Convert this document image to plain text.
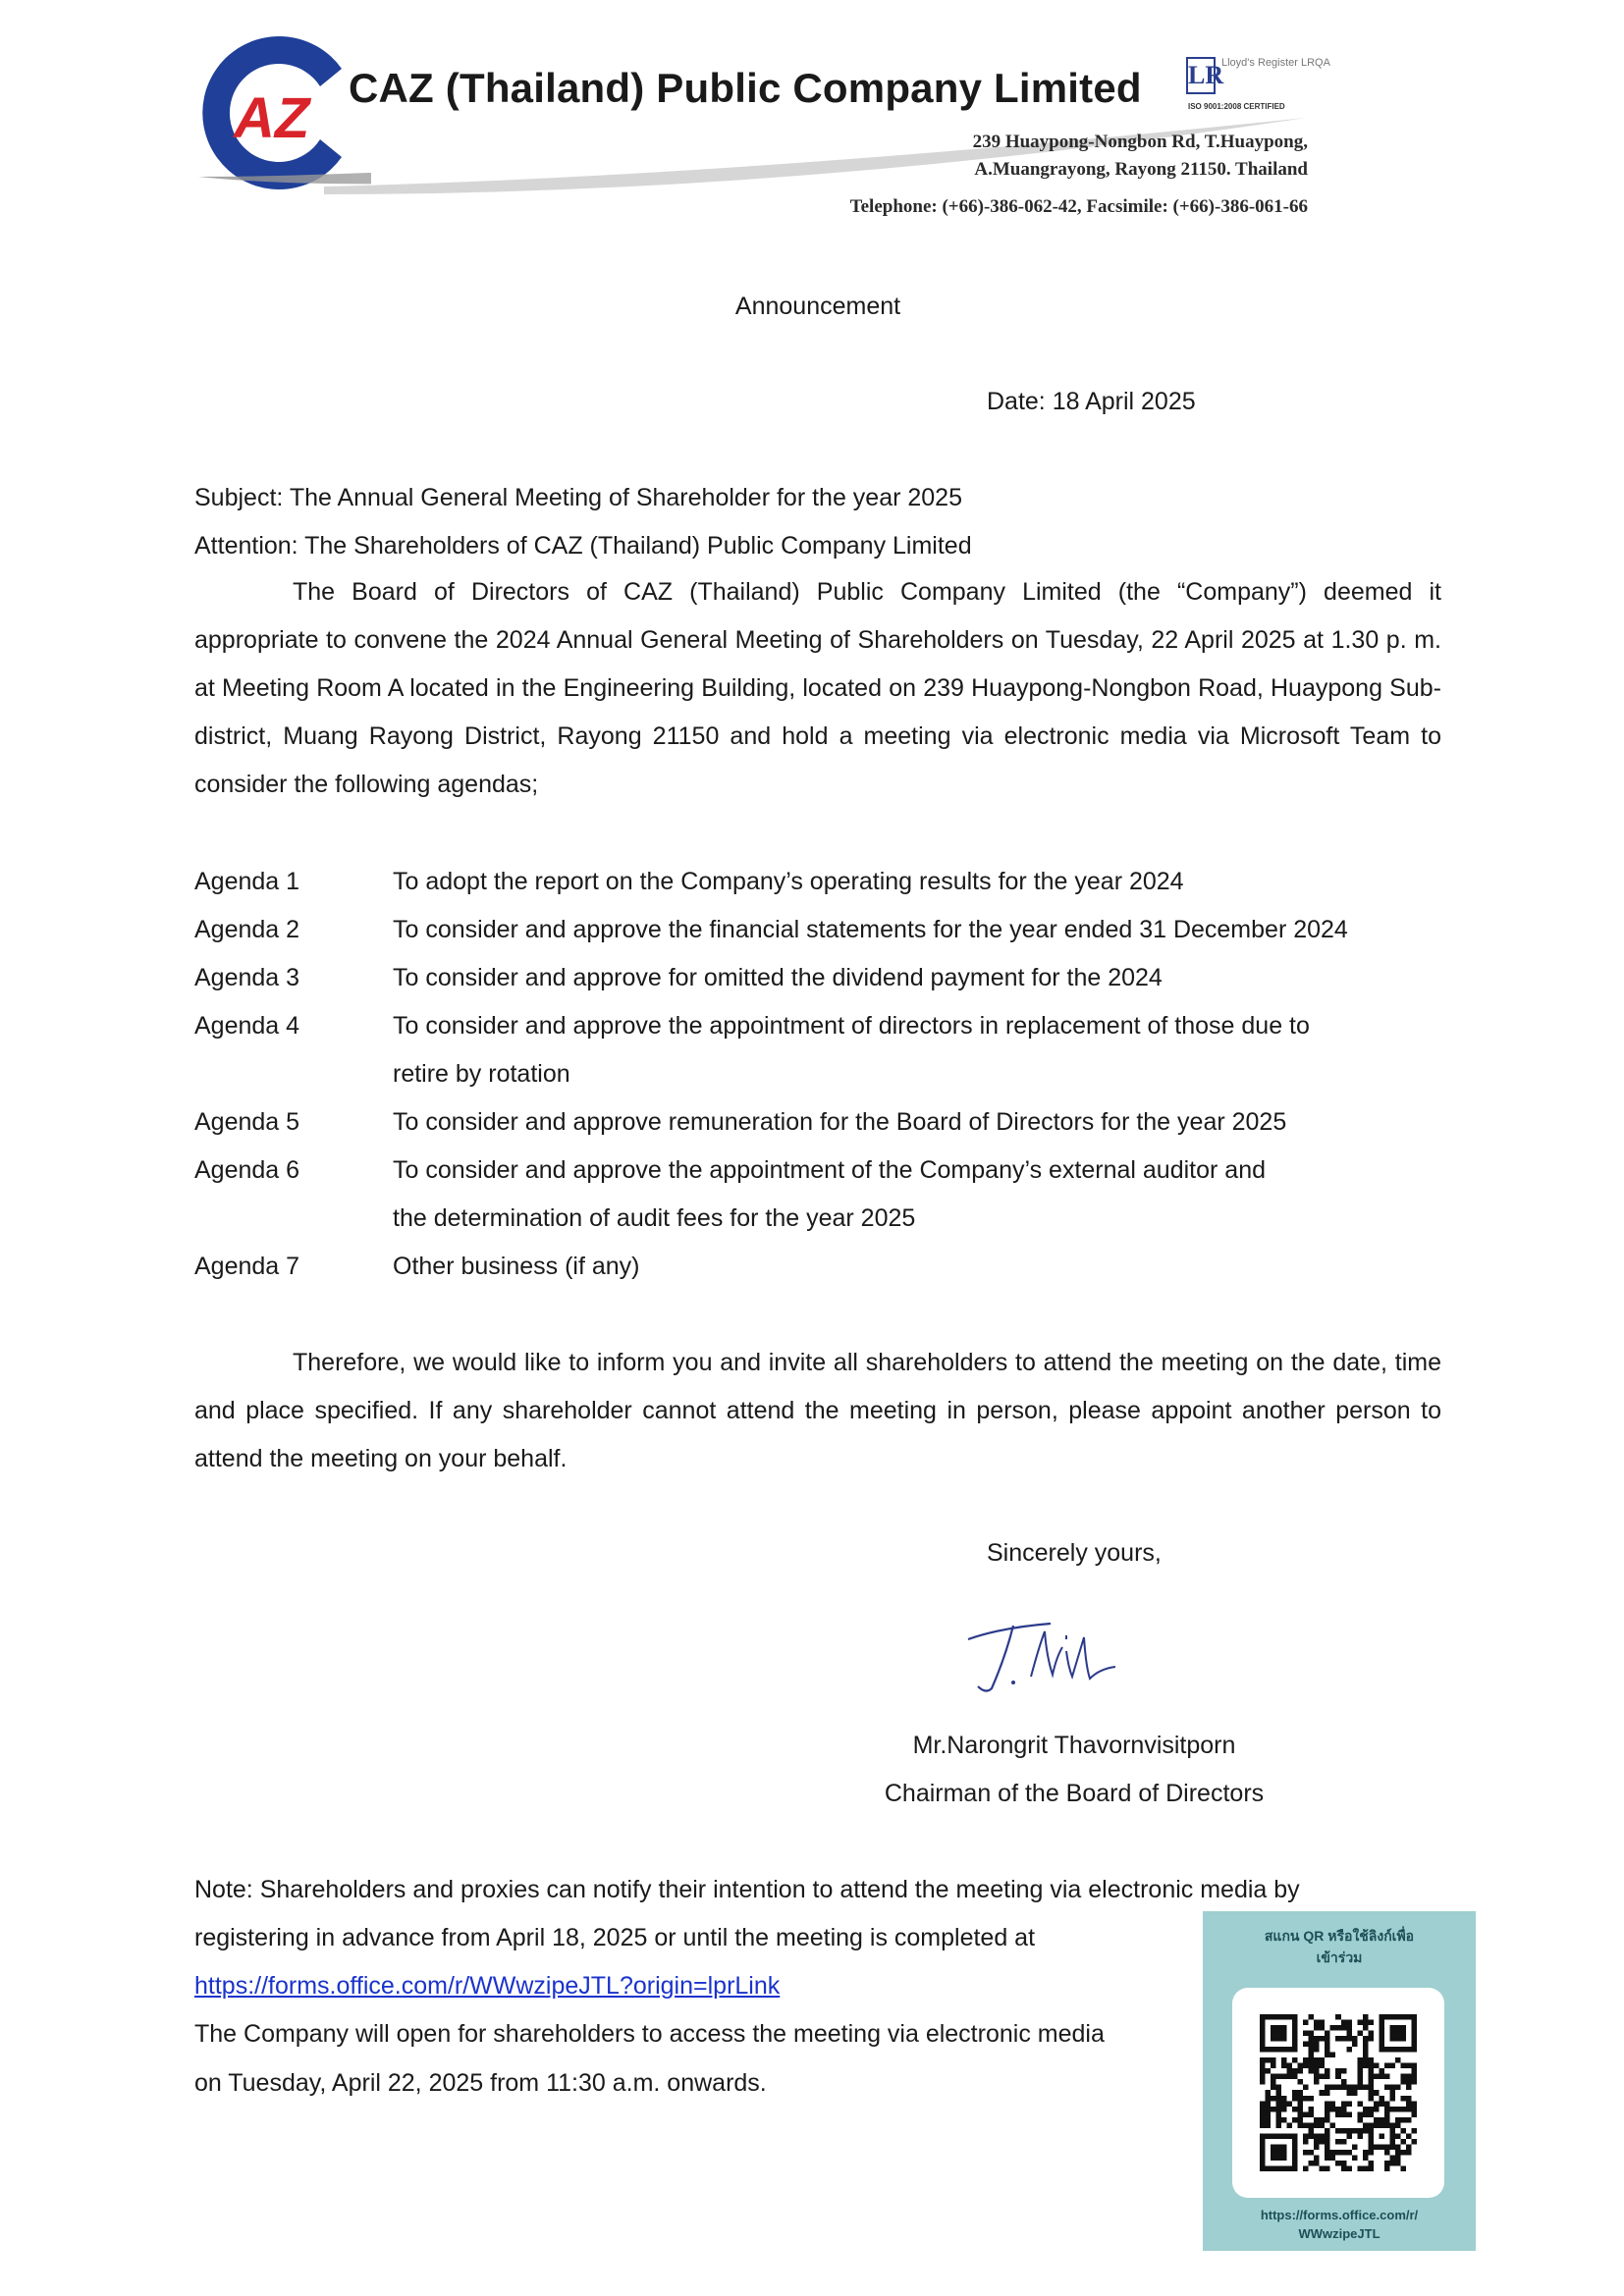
AZ CAZ (Thailand) Public Company Limited LR
Lloyd's Register LRQA
ISO 9001:2008 CERTIFIED
239 Huaypong-Nongbon Rd, T.Huaypong,
A.Muangrayong, Rayong 21150. Thailand
Telephone: (+66)-386-062-42, Facsimile: (+66)-386-061-66
Announcement
Date: 18 April 2025
Subject: The Annual General Meeting of Shareholder for the year 2025
Attention: The Shareholders of CAZ (Thailand) Public Company Limited
The Board of Directors of CAZ (Thailand) Public Company Limited (the “Company”) deemed it appropriate to convene the 2024 Annual General Meeting of Shareholders on Tuesday, 22 April 2025 at 1.30 p. m. at Meeting Room A located in the Engineering Building, located on 239 Huaypong-Nongbon Road, Huaypong Sub-district, Muang Rayong District, Rayong 21150 and hold a meeting via electronic media via Microsoft Team to consider the following agendas;
Agenda 1	To adopt the report on the Company’s operating results for the year 2024
Agenda 2	To consider and approve the financial statements for the year ended 31 December 2024
Agenda 3	To consider and approve for omitted the dividend payment for the 2024
Agenda 4	To consider and approve the appointment of directors in replacement of those due to
retire by rotation
Agenda 5	To consider and approve remuneration for the Board of Directors for the year 2025
Agenda 6	To consider and approve the appointment of the Company’s external auditor and
the determination of audit fees for the year 2025
Agenda 7	Other business (if any)
Therefore, we would like to inform you and invite all shareholders to attend the meeting on the date, time and place specified. If any shareholder cannot attend the meeting in person, please appoint another person to attend the meeting on your behalf.
Sincerely yours,
Mr.Narongrit Thavornvisitporn
Chairman of the Board of Directors
Note: Shareholders and proxies can notify their intention to attend the meeting via electronic media by
registering in advance from April 18, 2025 or until the meeting is completed at
https://forms.office.com/r/WWwzipeJTL?origin=lprLink
The Company will open for shareholders to access the meeting via electronic media
on Tuesday, April 22, 2025 from 11:30 a.m. onwards.
สแกน QR หรือใช้ลิงก์เพื่อ
เข้าร่วม
https://forms.office.com/r/
WWwzipeJTL
